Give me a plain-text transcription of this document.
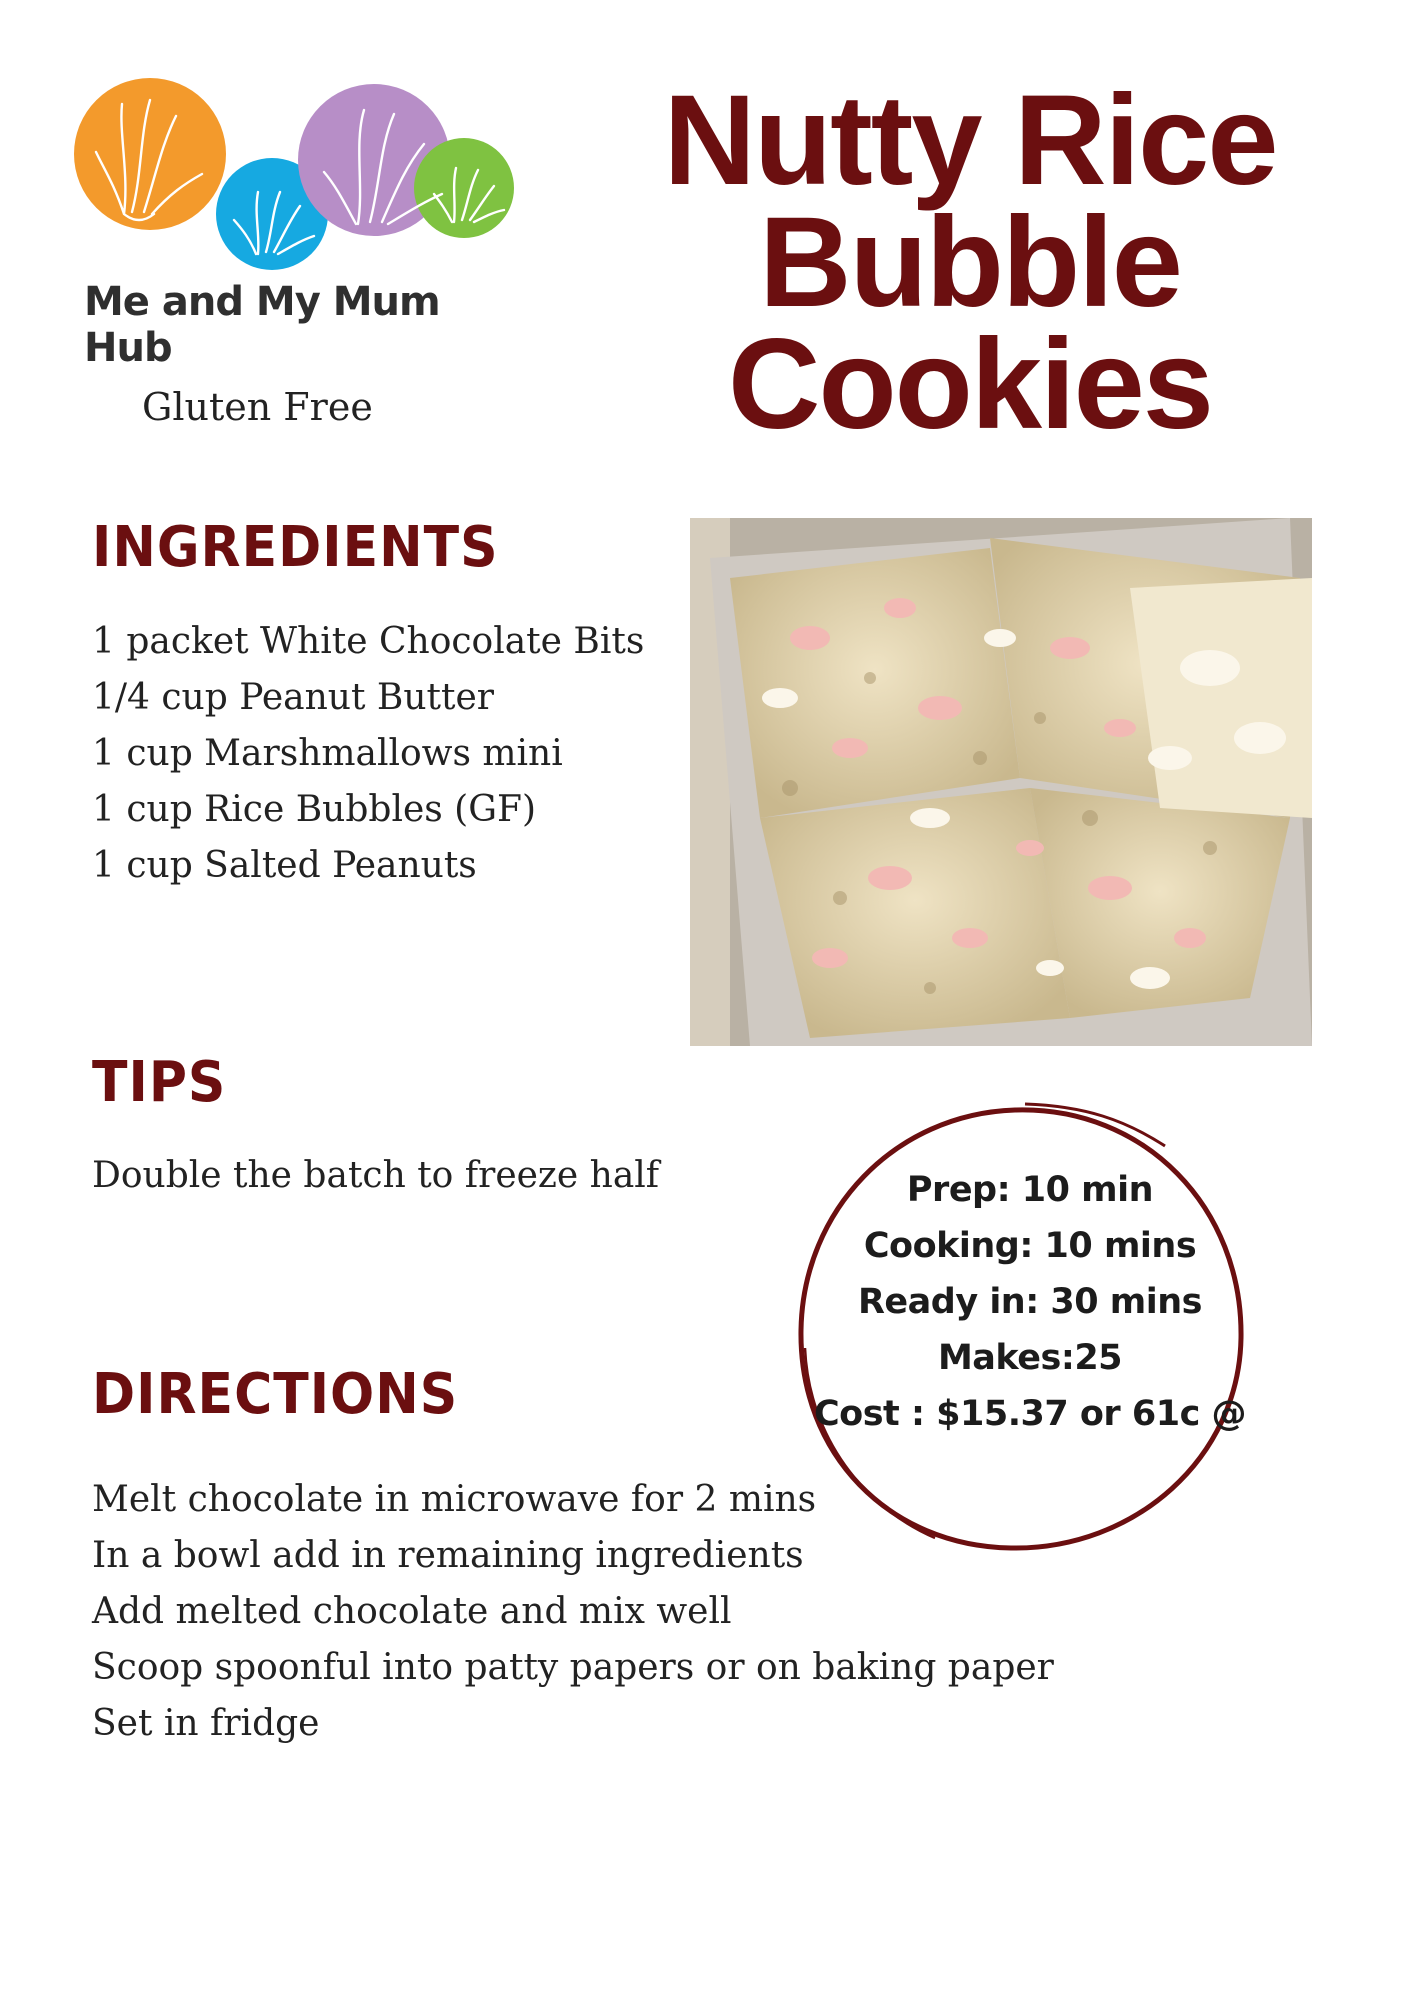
Me and My Mum Hub
Gluten Free
Nutty Rice
Bubble
Cookies
INGREDIENTS
1 packet White Chocolate Bits
1/4 cup Peanut Butter
1 cup Marshmallows mini
1 cup Rice Bubbles (GF)
1 cup Salted Peanuts
TIPS
Double the batch to freeze half	Prep: 10 min
Cooking: 10 mins
Ready in: 30 mins
Makes:25
Cost : $15.37 or 61c @
DIRECTIONS
Melt chocolate in microwave for 2 mins
In a bowl add in remaining ingredients
Add melted chocolate and mix well
Scoop spoonful into patty papers or on baking paper
Set in fridge
